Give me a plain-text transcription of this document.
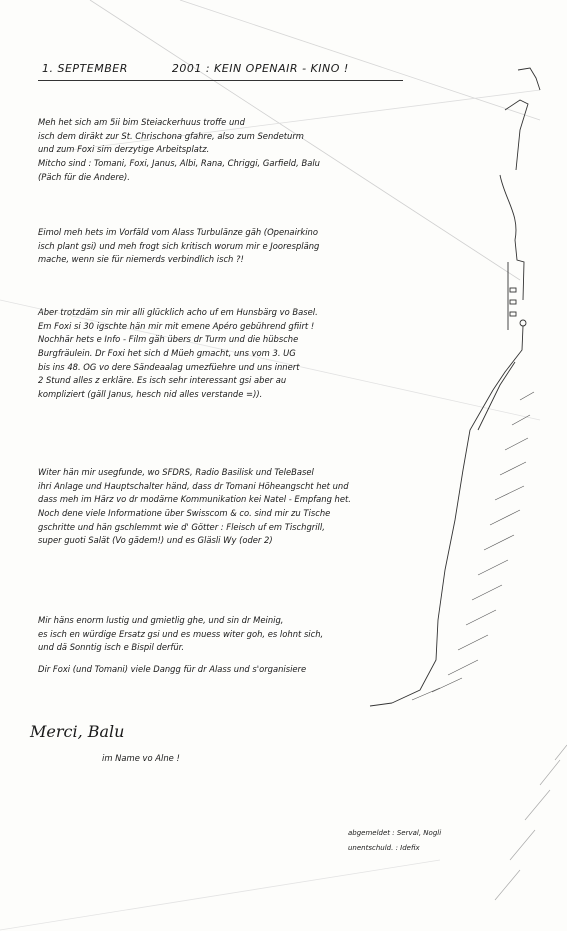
1. SEPTEMBER	2001 : KEIN OPENAIR - KINO !
Meh het sich am 5ii bim Steiackerhuus troffe und
isch dem diräkt zur St. Chrischona gfahre, also zum Sendeturm
und zum Foxi sim derzytige Arbeitsplatz.
Mitcho sind : Tomani, Foxi, Janus, Albi, Rana, Chriggi, Garfield, Balu
(Päch für die Andere).
Eimol meh hets im Vorfäld vom Alass Turbulänze gäh (Openairkino
isch plant gsi) und meh frogt sich kritisch worum mir e Joorespläng
mache, wenn sie für niemerds verbindlich isch ?!
Aber trotzdäm sin mir alli glücklich acho uf em Hunsbärg vo Basel.
Em Foxi si 30 igschte hän mir mit emene Apéro gebührend gfiirt !
Nochhär hets e Info - Film gäh übers dr Turm und die hübsche
Burgfräulein. Dr Foxi het sich d Müeh gmacht, uns vom 3. UG
bis ins 48. OG vo dere Sändeaalag umezfüehre und uns innert
2 Stund alles z erkläre. Es isch sehr interessant gsi aber au
kompliziert (gäll Janus, hesch nid alles verstande =)).
Witer hän mir usegfunde, wo SFDRS, Radio Basilisk und TeleBasel
ihri Anlage und Hauptschalter händ, dass dr Tomani Höheangscht het und
dass meh im Härz vo dr modärne Kommunikation kei Natel - Empfang het.
Noch dene viele Informatione über Swisscom & co. sind mir zu Tische
gschritte und hän gschlemmt wie d' Götter : Fleisch uf em Tischgrill,
super guoti Salät (Vo gädem!) und es Gläsli Wy (oder 2)
Mir häns enorm lustig und gmietlig ghe, und sin dr Meinig,
es isch en würdige Ersatz gsi und es muess witer goh, es lohnt sich,
und dä Sonntig isch e Bispil derfür.
Dir Foxi (und Tomani) viele Dangg für dr Alass und s'organisiere
Merci, Balu
im Name vo Alne !
abgemeldet : Serval, Nogli
unentschuld. : Idefix
